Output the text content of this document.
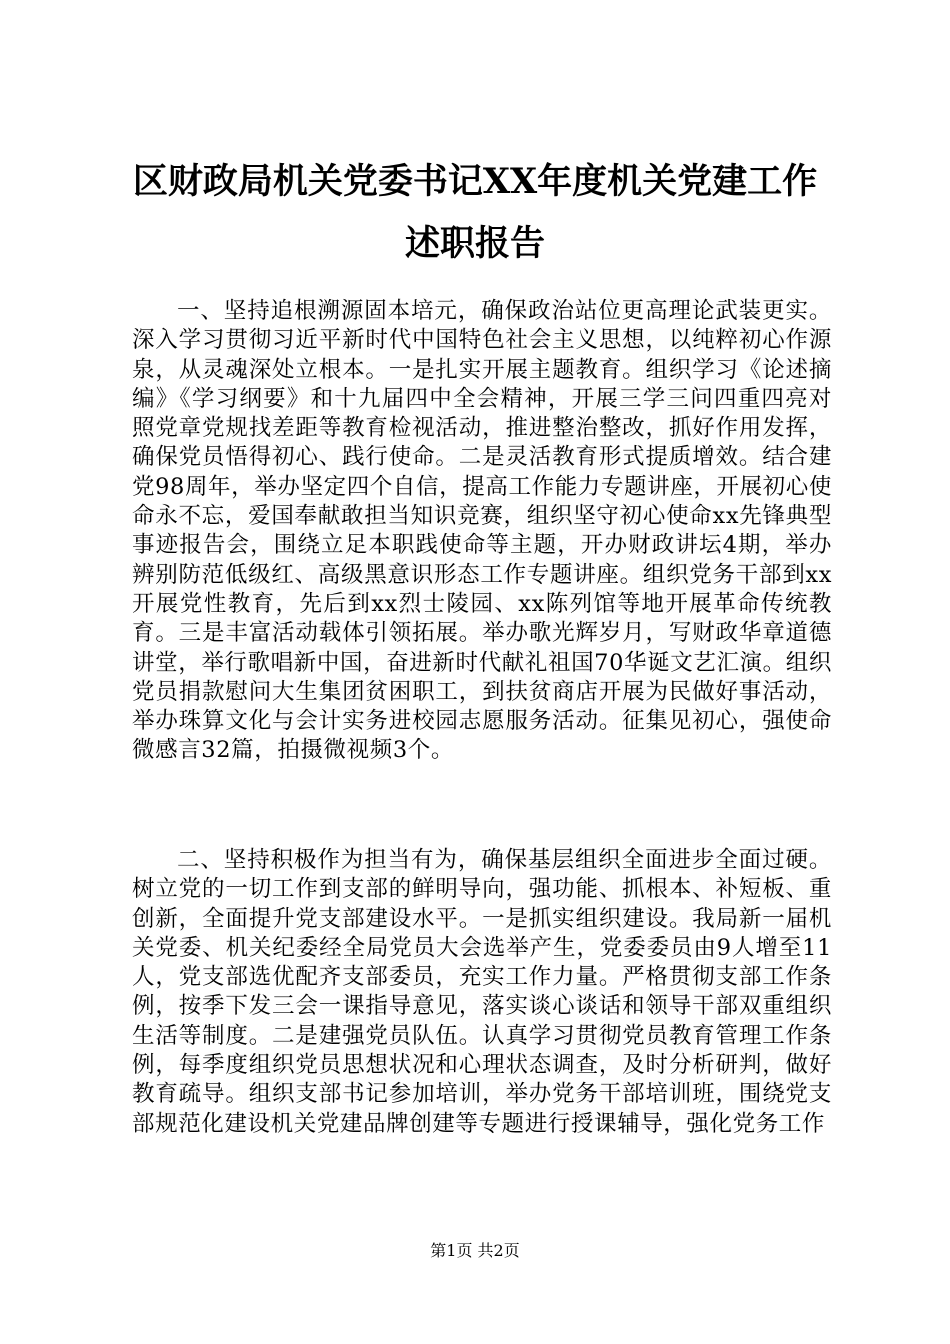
区财政局机关党委书记XX年度机关党建工作
述职报告

一、坚持追根溯源固本培元，确保政治站位更高理论武装更实。深入学习贯彻习近平新时代中国特色社会主义思想，以纯粹初心作源泉，从灵魂深处立根本。一是扎实开展主题教育。组织学习《论述摘编》《学习纲要》和十九届四中全会精神，开展三学三问四重四亮对照党章党规找差距等教育检视活动，推进整治整改，抓好作用发挥，确保党员悟得初心、践行使命。二是灵活教育形式提质增效。结合建党98周年，举办坚定四个自信，提高工作能力专题讲座，开展初心使命永不忘，爱国奉献敢担当知识竞赛，组织坚守初心使命xx先锋典型事迹报告会，围绕立足本职践使命等主题，开办财政讲坛4期，举办辨别防范低级红、高级黑意识形态工作专题讲座。组织党务干部到xx开展党性教育，先后到xx烈士陵园、xx陈列馆等地开展革命传统教育。三是丰富活动载体引领拓展。举办歌光辉岁月，写财政华章道德讲堂，举行歌唱新中国，奋进新时代献礼祖国70华诞文艺汇演。组织党员捐款慰问大生集团贫困职工，到扶贫商店开展为民做好事活动，举办珠算文化与会计实务进校园志愿服务活动。征集见初心，强使命微感言32篇，拍摄微视频3个。

二、坚持积极作为担当有为，确保基层组织全面进步全面过硬。树立党的一切工作到支部的鲜明导向，强功能、抓根本、补短板、重创新，全面提升党支部建设水平。一是抓实组织建设。我局新一届机关党委、机关纪委经全局党员大会选举产生，党委委员由9人增至11人，党支部选优配齐支部委员，充实工作力量。严格贯彻支部工作条例，按季下发三会一课指导意见，落实谈心谈话和领导干部双重组织生活等制度。二是建强党员队伍。认真学习贯彻党员教育管理工作条例，每季度组织党员思想状况和心理状态调查，及时分析研判，做好教育疏导。组织支部书记参加培训，举办党务干部培训班，围绕党支部规范化建设机关党建品牌创建等专题进行授课辅导，强化党务工作

第1页 共2页
